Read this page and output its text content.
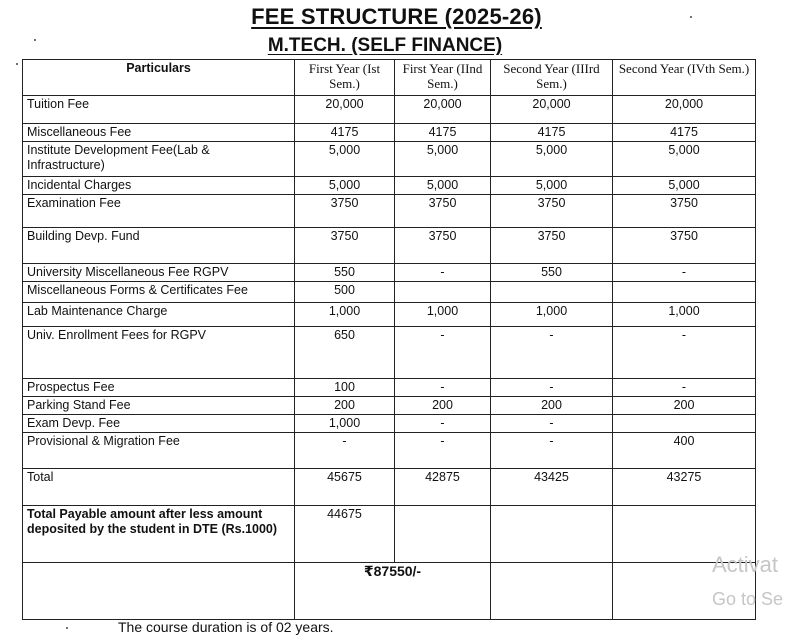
FEE STRUCTURE (2025-26)
M.TECH. (SELF FINANCE)
Particulars	First Year (Ist Sem.)	First Year (IInd Sem.)	Second Year (IIIrd Sem.)	Second Year (IVth Sem.)
Tuition Fee	20,000	20,000	20,000	20,000
Miscellaneous Fee	4175	4175	4175	4175
Institute Development Fee(Lab & Infrastructure)	5,000	5,000	5,000	5,000
Incidental Charges	5,000	5,000	5,000	5,000
Examination Fee	3750	3750	3750	3750
Building Devp. Fund	3750	3750	3750	3750
University Miscellaneous Fee RGPV	550	-	550	-
Miscellaneous Forms & Certificates Fee	500			
Lab Maintenance Charge	1,000	1,000	1,000	1,000
Univ. Enrollment Fees for RGPV	650	-	-	-
Prospectus Fee	100	-	-	-
Parking Stand Fee	200	200	200	200
Exam Devp. Fee	1,000	-	-	
Provisional & Migration Fee	-	-	-	400
Total	45675	42875	43425	43275
Total Payable amount after less amount deposited by the student in DTE (Rs.1000)	44675			
	₹87550/-			
The course duration is of 02 years.
Activat
Go to Se
